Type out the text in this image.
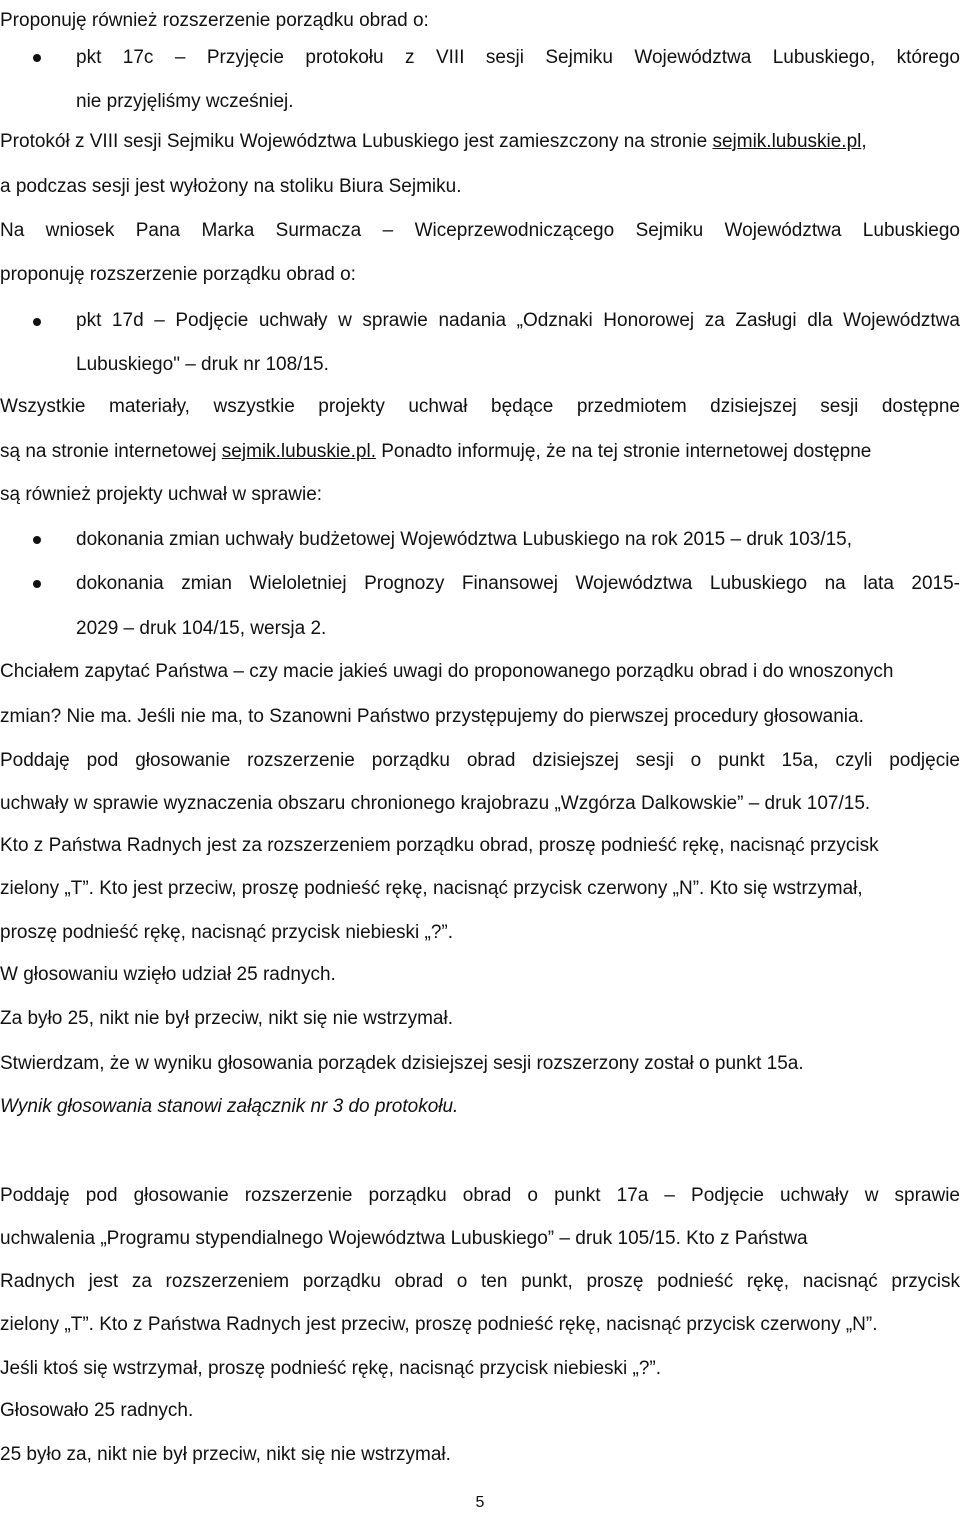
Proponuję również rozszerzenie porządku obrad o:
pkt 17c – Przyjęcie protokołu z VIII sesji Sejmiku Województwa Lubuskiego, którego
nie przyjęliśmy wcześniej.
Protokół z VIII sesji Sejmiku Województwa Lubuskiego jest zamieszczony na stronie sejmik.lubuskie.pl,
a podczas sesji jest wyłożony na stoliku Biura Sejmiku.
Na wniosek Pana Marka Surmacza – Wiceprzewodniczącego Sejmiku Województwa Lubuskiego
proponuję rozszerzenie porządku obrad o:
pkt 17d – Podjęcie uchwały w sprawie nadania „Odznaki Honorowej za Zasługi dla Województwa
Lubuskiego" – druk nr 108/15.
Wszystkie materiały, wszystkie projekty uchwał będące przedmiotem dzisiejszej sesji dostępne
są na stronie internetowej sejmik.lubuskie.pl. Ponadto informuję, że na tej stronie internetowej dostępne
są również projekty uchwał w sprawie:
dokonania zmian uchwały budżetowej Województwa Lubuskiego na rok 2015 – druk 103/15,
dokonania zmian Wieloletniej Prognozy Finansowej Województwa Lubuskiego na lata 2015-
2029 – druk 104/15, wersja 2.
Chciałem zapytać Państwa – czy macie jakieś uwagi do proponowanego porządku obrad i do wnoszonych
zmian? Nie ma. Jeśli nie ma, to Szanowni Państwo przystępujemy do pierwszej procedury głosowania.
Poddaję pod głosowanie rozszerzenie porządku obrad dzisiejszej sesji o punkt 15a, czyli podjęcie
uchwały w sprawie wyznaczenia obszaru chronionego krajobrazu „Wzgórza Dalkowskie” – druk 107/15.
Kto z Państwa Radnych jest za rozszerzeniem porządku obrad, proszę podnieść rękę, nacisnąć przycisk
zielony „T”. Kto jest przeciw, proszę podnieść rękę, nacisnąć przycisk czerwony „N”. Kto się wstrzymał,
proszę podnieść rękę, nacisnąć przycisk niebieski „?”.
W głosowaniu wzięło udział 25 radnych.
Za było 25, nikt nie był przeciw, nikt się nie wstrzymał.
Stwierdzam, że w wyniku głosowania porządek dzisiejszej sesji rozszerzony został o punkt 15a.
Wynik głosowania stanowi załącznik nr 3 do protokołu.
Poddaję pod głosowanie rozszerzenie porządku obrad o punkt 17a – Podjęcie uchwały w sprawie
uchwalenia „Programu stypendialnego Województwa Lubuskiego” – druk 105/15. Kto z Państwa
Radnych jest za rozszerzeniem porządku obrad o ten punkt, proszę podnieść rękę, nacisnąć przycisk
zielony „T”. Kto z Państwa Radnych jest przeciw, proszę podnieść rękę, nacisnąć przycisk czerwony „N”.
Jeśli ktoś się wstrzymał, proszę podnieść rękę, nacisnąć przycisk niebieski „?”.
Głosowało 25 radnych.
25 było za, nikt nie był przeciw, nikt się nie wstrzymał.
5
